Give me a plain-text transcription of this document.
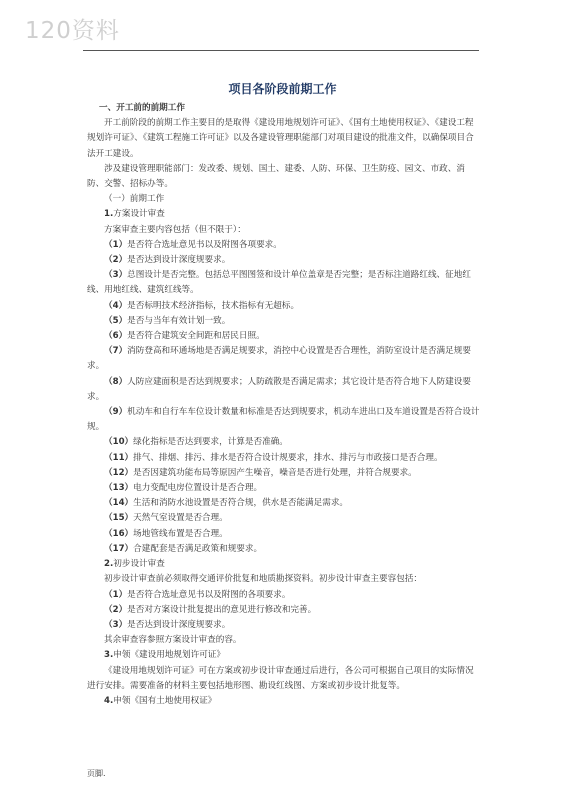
120资料
项目各阶段前期工作

一、开工前的前期工作

开工前阶段的前期工作主要目的是取得《建设用地规划许可证》、《国有土地使用权证》、《建设工程规划许可证》、《建筑工程施工许可证》以及各建设管理职能部门对项目建设的批准文件，以确保项目合法开工建设。

涉及建设管理职能部门：发改委、规划、国土、建委、人防、环保、卫生防疫、园文、市政、消防、交警、招标办等。

（一）前期工作

1.方案设计审查

方案审查主要内容包括（但不限于）：

（1）是否符合选址意见书以及附图各项要求。

（2）是否达到设计深度规要求。

（3）总图设计是否完整。包括总平图图签和设计单位盖章是否完整；是否标注道路红线、征地红线、用地红线、建筑红线等。

（4）是否标明技术经济指标，技术指标有无超标。

（5）是否与当年有效计划一致。

（6）是否符合建筑安全间距和居民日照。

（7）消防登高和环通场地是否满足规要求，消控中心设置是否合理性，消防室设计是否满足规要求。

（8）人防应建面积是否达到规要求；人防疏散是否满足需求；其它设计是否符合地下人防建设要求。

（9）机动车和自行车车位设计数量和标准是否达到规要求，机动车进出口及车道设置是否符合设计规。

（10）绿化指标是否达到要求，计算是否准确。

（11）排气、排烟、排污、排水是否符合设计规要求，排水、排污与市政接口是否合理。

（12）是否因建筑功能布局等原因产生噪音，噪音是否进行处理，并符合规要求。

（13）电力变配电房位置设计是否合理。

（14）生活和消防水池设置是否符合规，供水是否能满足需求。

（15）天然气室设置是否合理。

（16）场地管线布置是否合理。

（17）合建配套是否满足政策和规要求。

2.初步设计审查

初步设计审查前必须取得交通评价批复和地质勘探资料。初步设计审查主要容包括：

（1）是否符合选址意见书以及附图的各项要求。

（2）是否对方案设计批复提出的意见进行修改和完善。

（3）是否达到设计深度规要求。

其余审查容参照方案设计审查的容。

3.申领《建设用地规划许可证》

《建设用地规划许可证》可在方案或初步设计审查通过后进行，各公司可根据自己项目的实际情况进行安排。需要准备的材料主要包括地形图、勘设红线图、方案或初步设计批复等。

4.申领《国有土地使用权证》

页脚.
